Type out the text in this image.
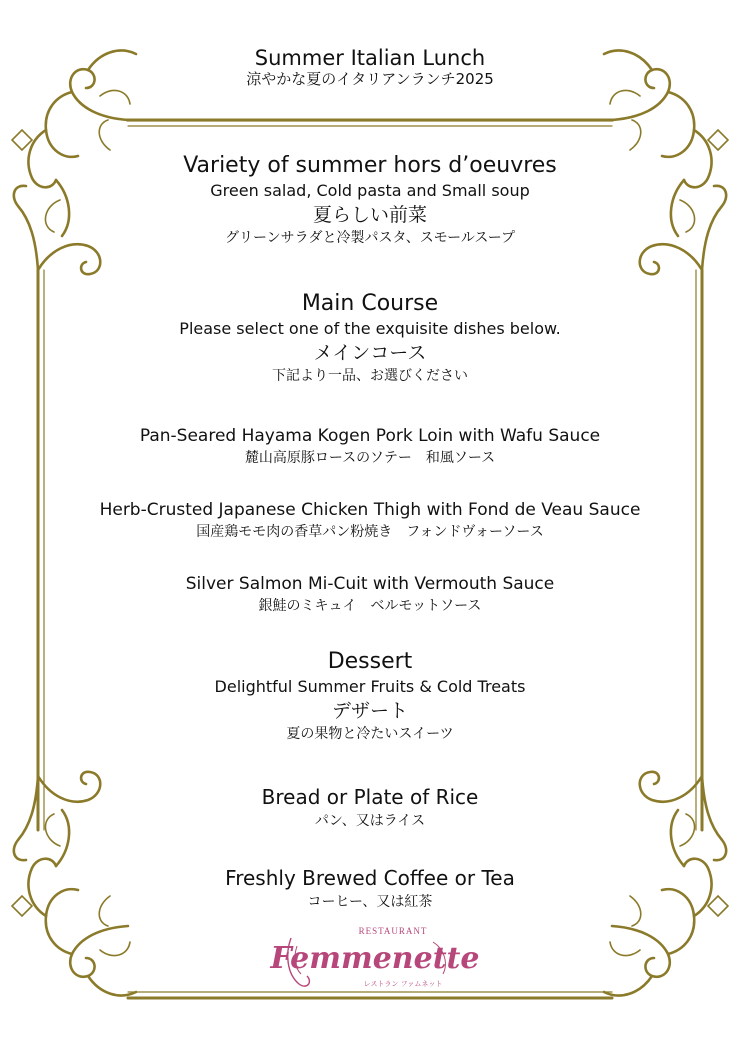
Summer Italian Lunch
涼やかな夏のイタリアンランチ2025
Variety of summer hors d’oeuvres
Green salad, Cold pasta and Small soup
夏らしい前菜
グリーンサラダと冷製パスタ、スモールスープ
Main Course
Please select one of the exquisite dishes below.
メインコース
下記より一品、お選びください
Pan-Seared Hayama Kogen Pork Loin with Wafu Sauce
麓山高原豚ロースのソテー　和風ソース
Herb-Crusted Japanese Chicken Thigh with Fond de Veau Sauce
国産鶏モモ肉の香草パン粉焼き　フォンドヴォーソース
Silver Salmon Mi-Cuit with Vermouth Sauce
銀鮭のミキュイ　ベルモットソース
Dessert
Delightful Summer Fruits & Cold Treats
デザート
夏の果物と冷たいスイーツ
Bread or Plate of Rice
パン、又はライス
Freshly Brewed Coffee or Tea
コーヒー、又は紅茶
RESTAURANT
Femmenette
レストラン ファムネット
